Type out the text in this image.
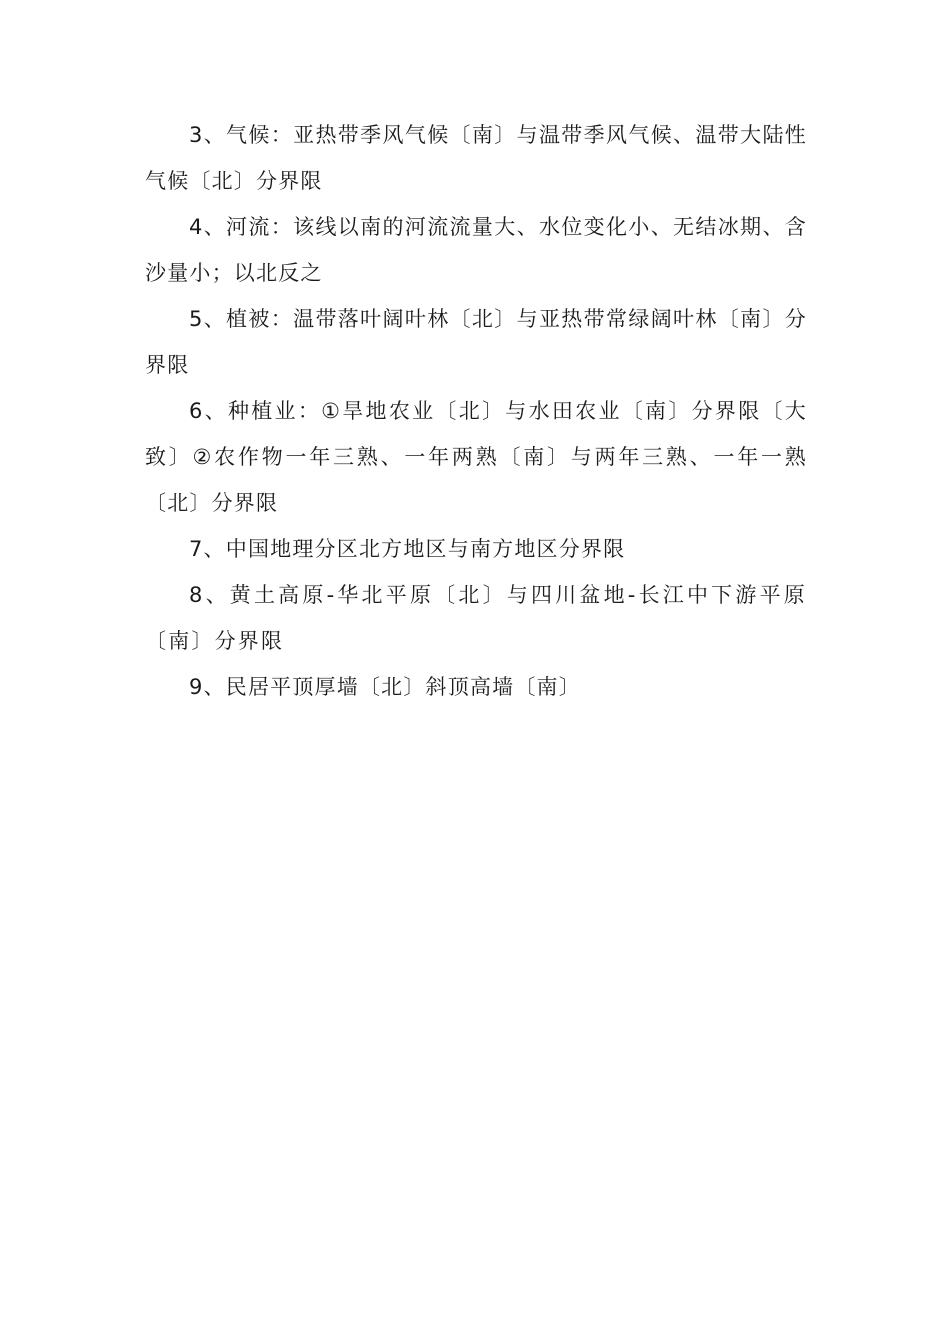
3、气候：亚热带季风气候〔南〕与温带季风气候、温带大陆性气候〔北〕分界限

4、河流：该线以南的河流流量大、水位变化小、无结冰期、含沙量小；以北反之

5、植被：温带落叶阔叶林〔北〕与亚热带常绿阔叶林〔南〕分界限

6、种植业：①旱地农业〔北〕与水田农业〔南〕分界限〔大致〕②农作物一年三熟、一年两熟〔南〕与两年三熟、一年一熟〔北〕分界限

7、中国地理分区北方地区与南方地区分界限

8、黄土高原-华北平原〔北〕与四川盆地-长江中下游平原〔南〕分界限

9、民居平顶厚墙〔北〕斜顶高墙〔南〕
